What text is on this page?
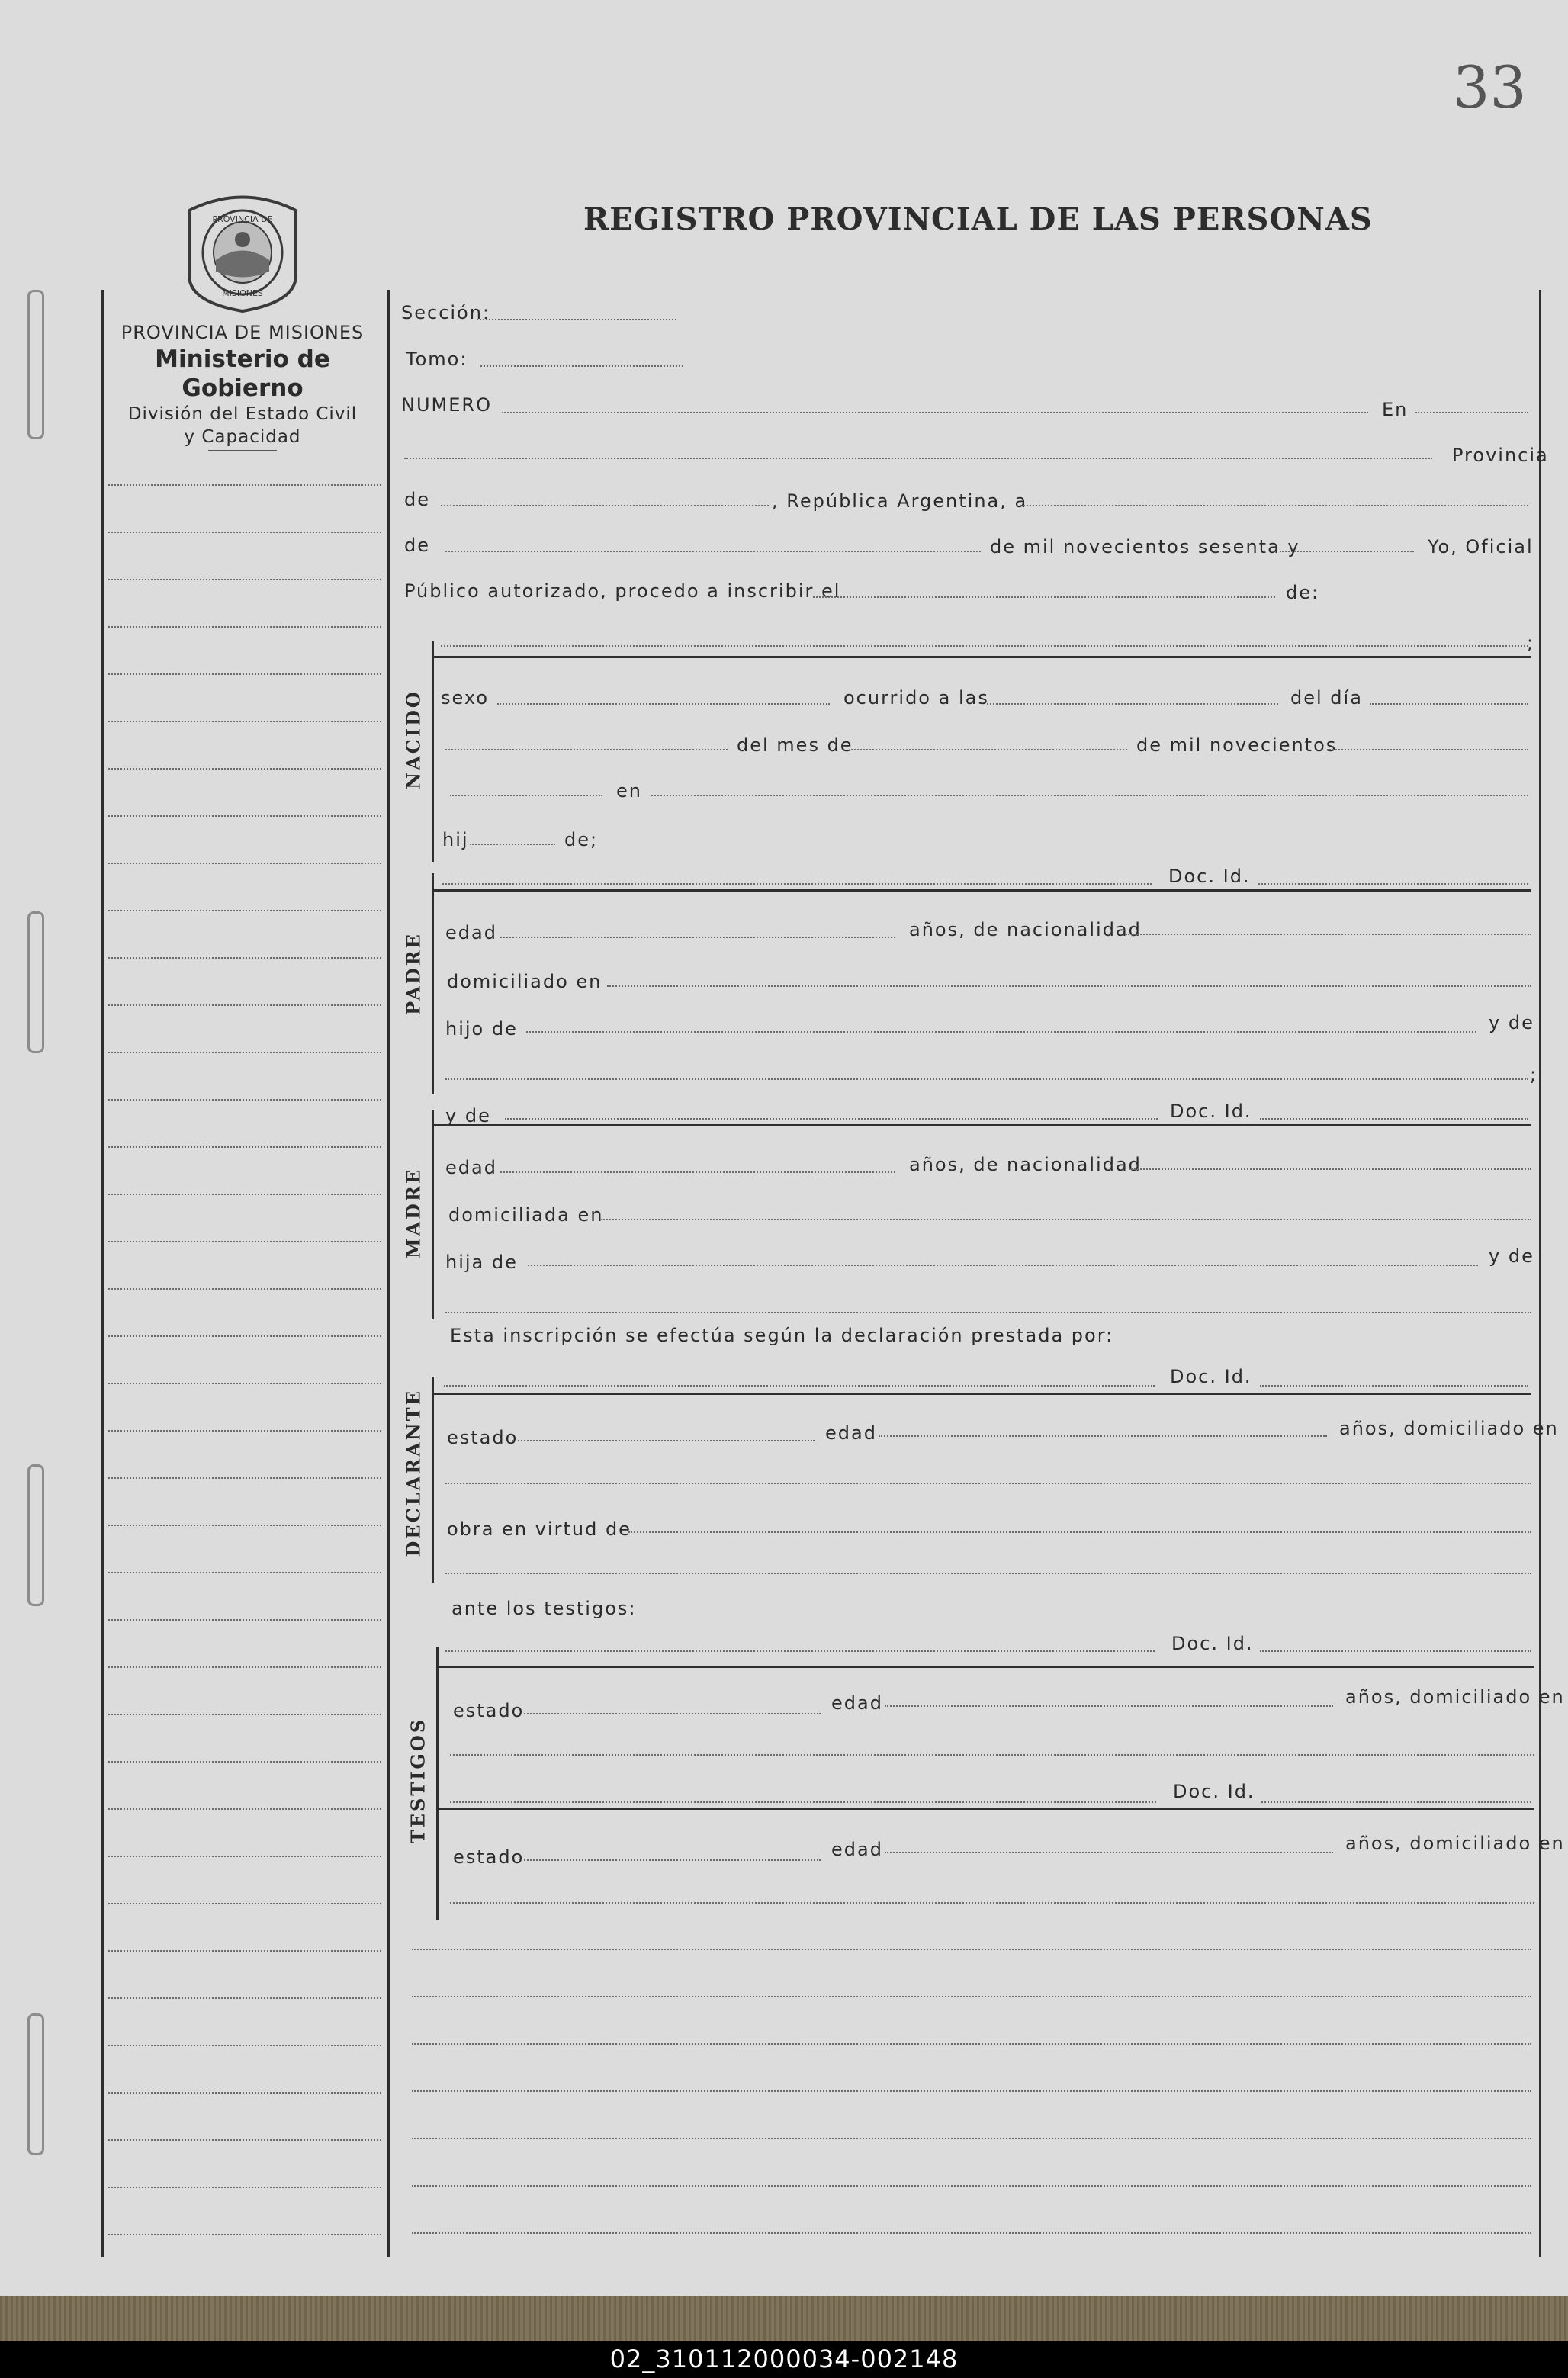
33
REGISTRO PROVINCIAL DE LAS PERSONAS
PROVINCIA DE
MISIONES
PROVINCIA DE MISIONES
Ministerio de Gobierno
División del Estado Civil
y Capacidad
Sección:
Tomo:
NUMERO	En
Provincia
de	, República Argentina, a
de	de mil novecientos sesenta y	Yo, Oficial
Público autorizado, procedo a inscribir el	de:
;
NACIDO sexo	ocurrido a las	del día
del mes de	de mil novecientos
en
hij	de;
Doc. Id.
PADRE edad	años, de nacionalidad
domiciliado en
hijo de	y de
;
y de	Doc. Id.
MADRE edad	años, de nacionalidad
domiciliada en
hija de	y de
Esta inscripción se efectúa según la declaración prestada por:
Doc. Id.
DECLARANTE estado	edad	años, domiciliado en
obra en virtud de
ante los testigos:
Doc. Id.
TESTIGOS
estado	edad	años, domiciliado en
Doc. Id.
estado	edad	años, domiciliado en
02_310112000034-002148
